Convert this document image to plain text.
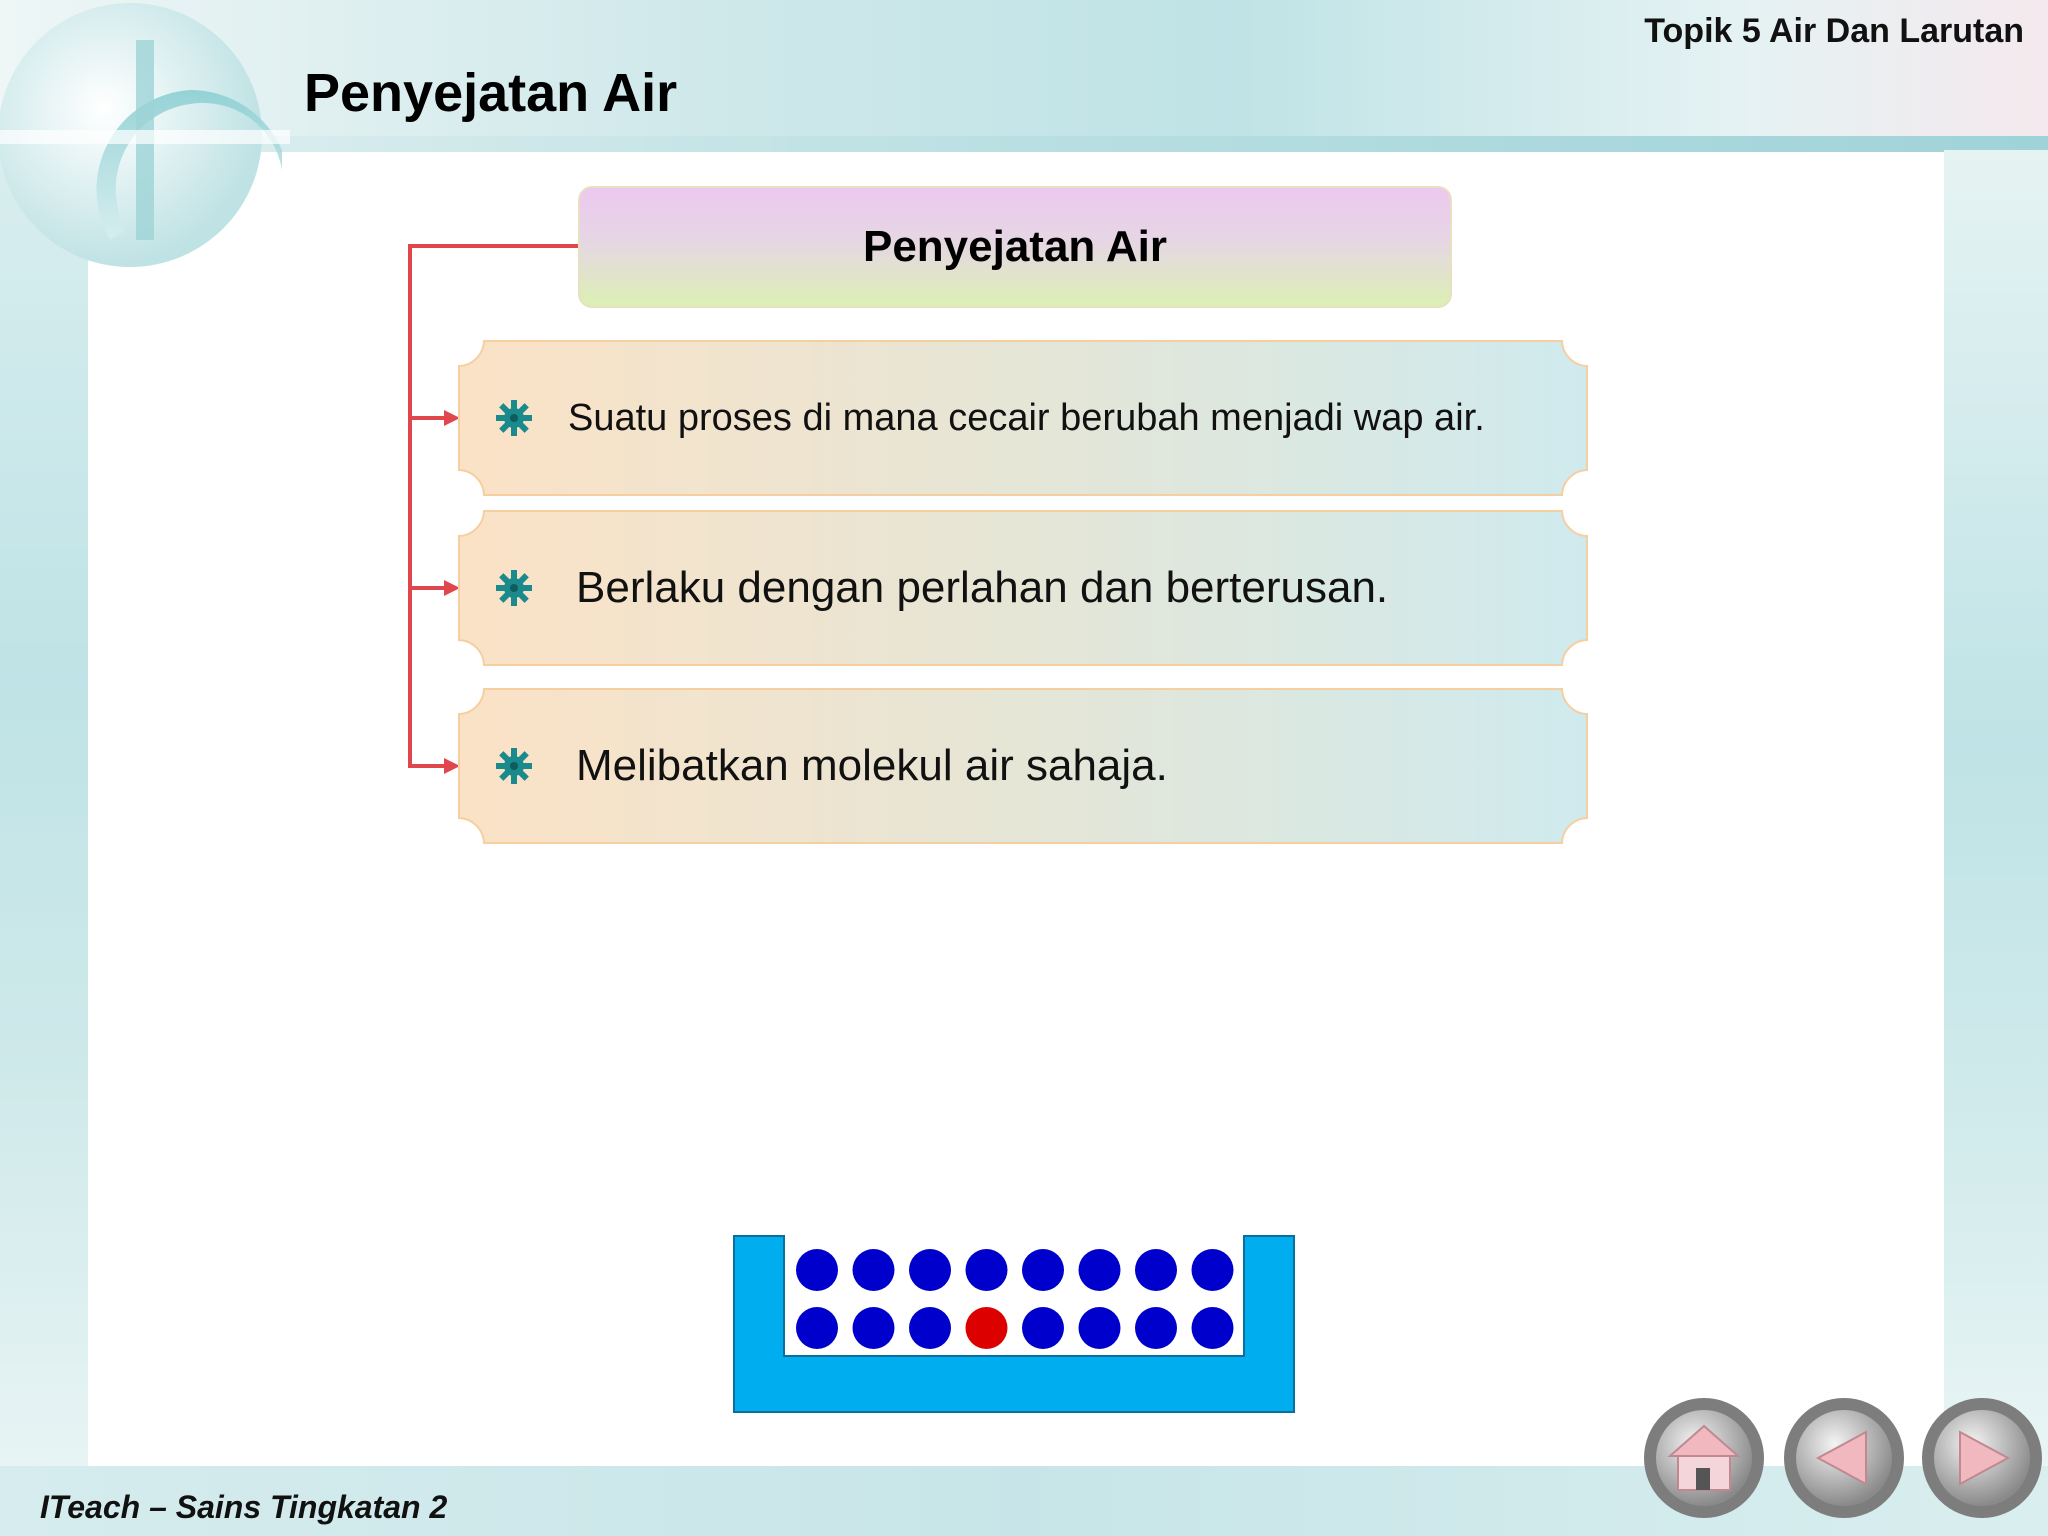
Penyejatan Air
Topik 5 Air Dan Larutan
Penyejatan Air
Suatu proses di mana cecair berubah menjadi wap air.
Berlaku dengan perlahan dan berterusan.
Melibatkan molekul air sahaja.
ITeach – Sains Tingkatan 2
